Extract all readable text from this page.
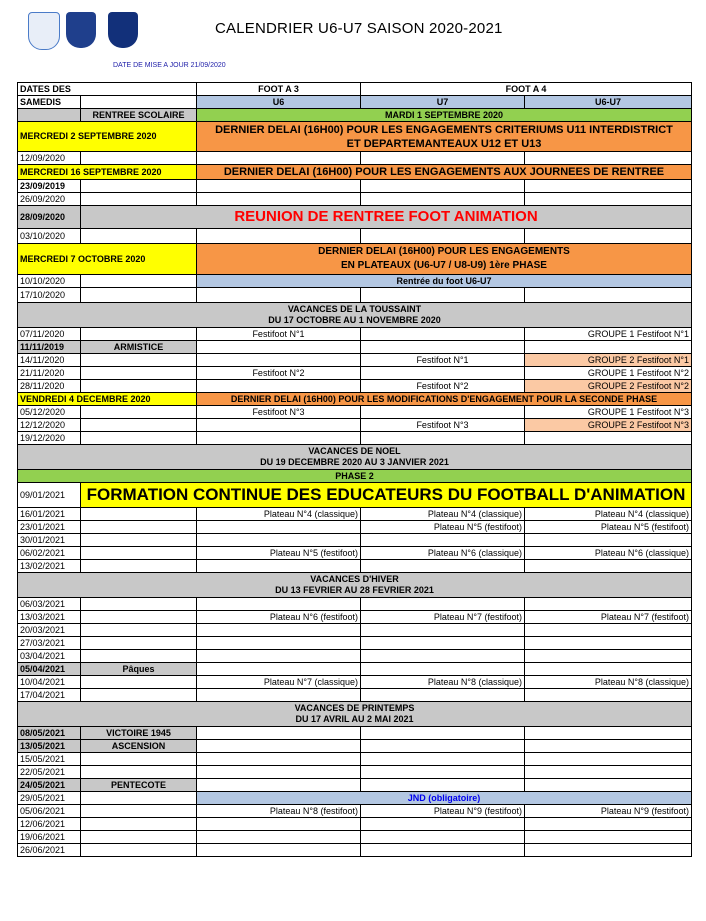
CALENDRIER U6-U7 SAISON 2020-2021
DATE DE MISE A JOUR 21/09/2020
DATES DES		FOOT A 3	FOOT A 4	
SAMEDIS		U6	U7	U6-U7
	RENTREE SCOLAIRE	MARDI 1 SEPTEMBRE 2020		
MERCREDI 2 SEPTEMBRE 2020		DERNIER DELAI (16H00) POUR LES ENGAGEMENTS CRITERIUMS U11 INTERDISTRICT
ET DEPARTEMANTEAUX U12 ET U13		
12/09/2020				
MERCREDI 16 SEPTEMBRE 2020		DERNIER DELAI (16H00) POUR LES ENGAGEMENTS AUX JOURNEES DE RENTREE		
23/09/2019				
26/09/2020				
28/09/2020	REUNION DE RENTREE FOOT ANIMATION			
03/10/2020				
MERCREDI 7 OCTOBRE 2020		DERNIER DELAI (16H00) POUR LES ENGAGEMENTS
EN PLATEAUX (U6-U7 / U8-U9) 1ère PHASE		
10/10/2020		Rentrée du foot U6-U7		
17/10/2020				
VACANCES DE LA TOUSSAINT
DU 17 OCTOBRE AU 1 NOVEMBRE 2020				
07/11/2020		Festifoot N°1		GROUPE 1 Festifoot N°1
11/11/2019	ARMISTICE			
14/11/2020			Festifoot N°1	GROUPE 2 Festifoot N°1
21/11/2020		Festifoot N°2		GROUPE 1 Festifoot N°2
28/11/2020			Festifoot N°2	GROUPE 2 Festifoot N°2
VENDREDI 4 DECEMBRE 2020		DERNIER DELAI (16H00) POUR LES MODIFICATIONS D'ENGAGEMENT POUR LA SECONDE PHASE		
05/12/2020		Festifoot N°3		GROUPE 1 Festifoot N°3
12/12/2020			Festifoot N°3	GROUPE 2 Festifoot N°3
19/12/2020				
VACANCES DE NOEL
DU 19 DECEMBRE 2020 AU 3 JANVIER 2021				
PHASE 2				
09/01/2021	FORMATION CONTINUE DES EDUCATEURS DU FOOTBALL D'ANIMATION			
16/01/2021		Plateau N°4 (classique)	Plateau N°4 (classique)	Plateau N°4 (classique)
23/01/2021			Plateau N°5 (festifoot)	Plateau N°5 (festifoot)
30/01/2021				
06/02/2021		Plateau N°5 (festifoot)	Plateau N°6 (classique)	Plateau N°6 (classique)
13/02/2021				
VACANCES D'HIVER
DU 13 FEVRIER AU 28 FEVRIER 2021				
06/03/2021				
13/03/2021		Plateau N°6 (festifoot)	Plateau N°7 (festifoot)	Plateau N°7 (festifoot)
20/03/2021				
27/03/2021				
03/04/2021				
05/04/2021	Pâques			
10/04/2021		Plateau N°7 (classique)	Plateau N°8 (classique)	Plateau N°8 (classique)
17/04/2021				
VACANCES DE PRINTEMPS
DU 17 AVRIL AU 2 MAI 2021				
08/05/2021	VICTOIRE 1945			
13/05/2021	ASCENSION			
15/05/2021				
22/05/2021				
24/05/2021	PENTECOTE			
29/05/2021		JND (obligatoire)		
05/06/2021		Plateau N°8 (festifoot)	Plateau N°9 (festifoot)	Plateau N°9 (festifoot)
12/06/2021				
19/06/2021				
26/06/2021				
